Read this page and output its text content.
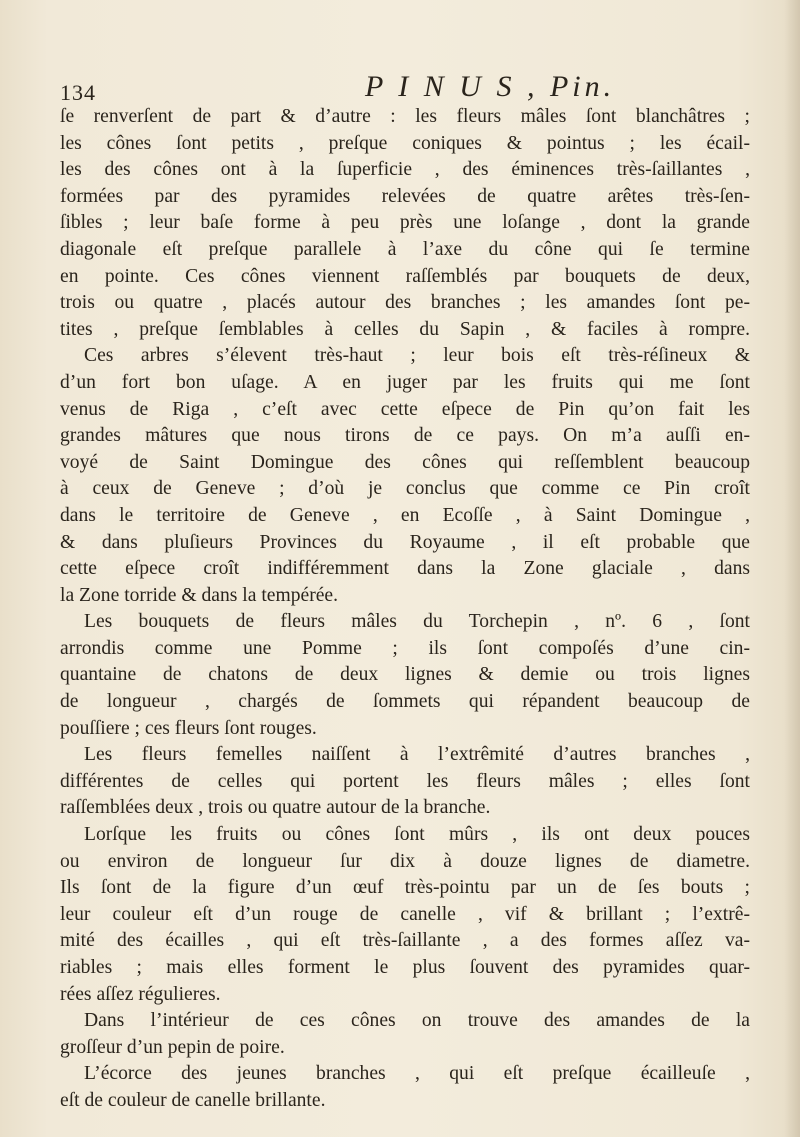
134	P I N U S , Pin.
ſe renverſent de part & d’autre : les fleurs mâles ſont blanchâtres ;
les cônes ſont petits , preſque coniques & pointus ; les écail-
les des cônes ont à la ſuperficie , des éminences très-ſaillantes ,
formées par des pyramides relevées de quatre arêtes très-ſen-
ſibles ; leur baſe forme à peu près une loſange , dont la grande
diagonale eſt preſque parallele à l’axe du cône qui ſe termine
en pointe. Ces cônes viennent raſſemblés par bouquets de deux,
trois ou quatre , placés autour des branches ; les amandes ſont pe-
tites , preſque ſemblables à celles du Sapin , & faciles à rompre.
Ces arbres s’élevent très-haut ; leur bois eſt très-réſineux &
d’un fort bon uſage. A en juger par les fruits qui me ſont
venus de Riga , c’eſt avec cette eſpece de Pin qu’on fait les
grandes mâtures que nous tirons de ce pays. On m’a auſſi en-
voyé de Saint Domingue des cônes qui reſſemblent beaucoup
à ceux de Geneve ; d’où je conclus que comme ce Pin croît
dans le territoire de Geneve , en Ecoſſe , à Saint Domingue ,
& dans pluſieurs Provinces du Royaume , il eſt probable que
cette eſpece croît indifféremment dans la Zone glaciale , dans
la Zone torride & dans la tempérée.
Les bouquets de fleurs mâles du Torchepin , nº. 6 , ſont
arrondis comme une Pomme ; ils ſont compoſés d’une cin-
quantaine de chatons de deux lignes & demie ou trois lignes
de longueur , chargés de ſommets qui répandent beaucoup de
pouſſiere ; ces fleurs ſont rouges.
Les fleurs femelles naiſſent à l’extrêmité d’autres branches ,
différentes de celles qui portent les fleurs mâles ; elles ſont
raſſemblées deux , trois ou quatre autour de la branche.
Lorſque les fruits ou cônes ſont mûrs , ils ont deux pouces
ou environ de longueur ſur dix à douze lignes de diametre.
Ils ſont de la figure d’un œuf très-pointu par un de ſes bouts ;
leur couleur eſt d’un rouge de canelle , vif & brillant ; l’extrê-
mité des écailles , qui eſt très-ſaillante , a des formes aſſez va-
riables ; mais elles forment le plus ſouvent des pyramides quar-
rées aſſez régulieres.
Dans l’intérieur de ces cônes on trouve des amandes de la
groſſeur d’un pepin de poire.
L’écorce des jeunes branches , qui eſt preſque écailleuſe ,
eſt de couleur de canelle brillante.
